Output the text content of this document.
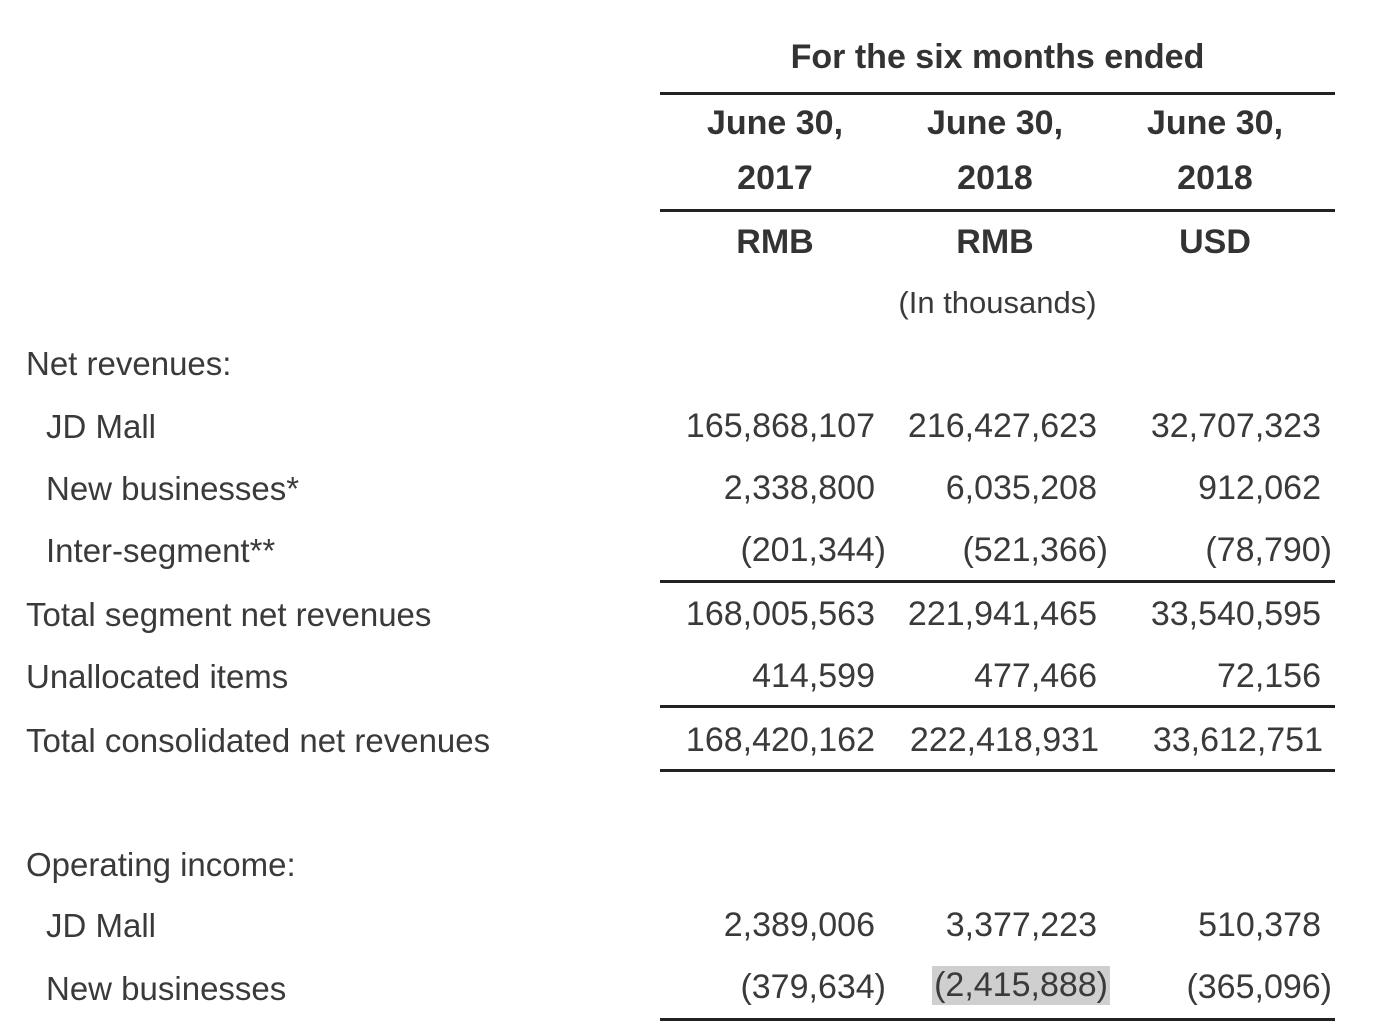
For the six months ended
June 30,	June 30,	June 30,
2017	2018	2018
RMB	RMB	USD
(In thousands)
Net revenues:
JD Mall	165,868,107 216,427,623 32,707,323
New businesses*	2,338,800 6,035,208	912,062
Inter-segment**	(201,344) (521,366)	(78,790)
Total segment net revenues	168,005,563 221,941,465 33,540,595
Unallocated items	414,599	477,466	72,156
Total consolidated net revenues	168,420,162 222,418,931 33,612,751
Operating income:
JD Mall	2,389,006 3,377,223	510,378
New businesses	(379,634) (2,415,888) (365,096)
